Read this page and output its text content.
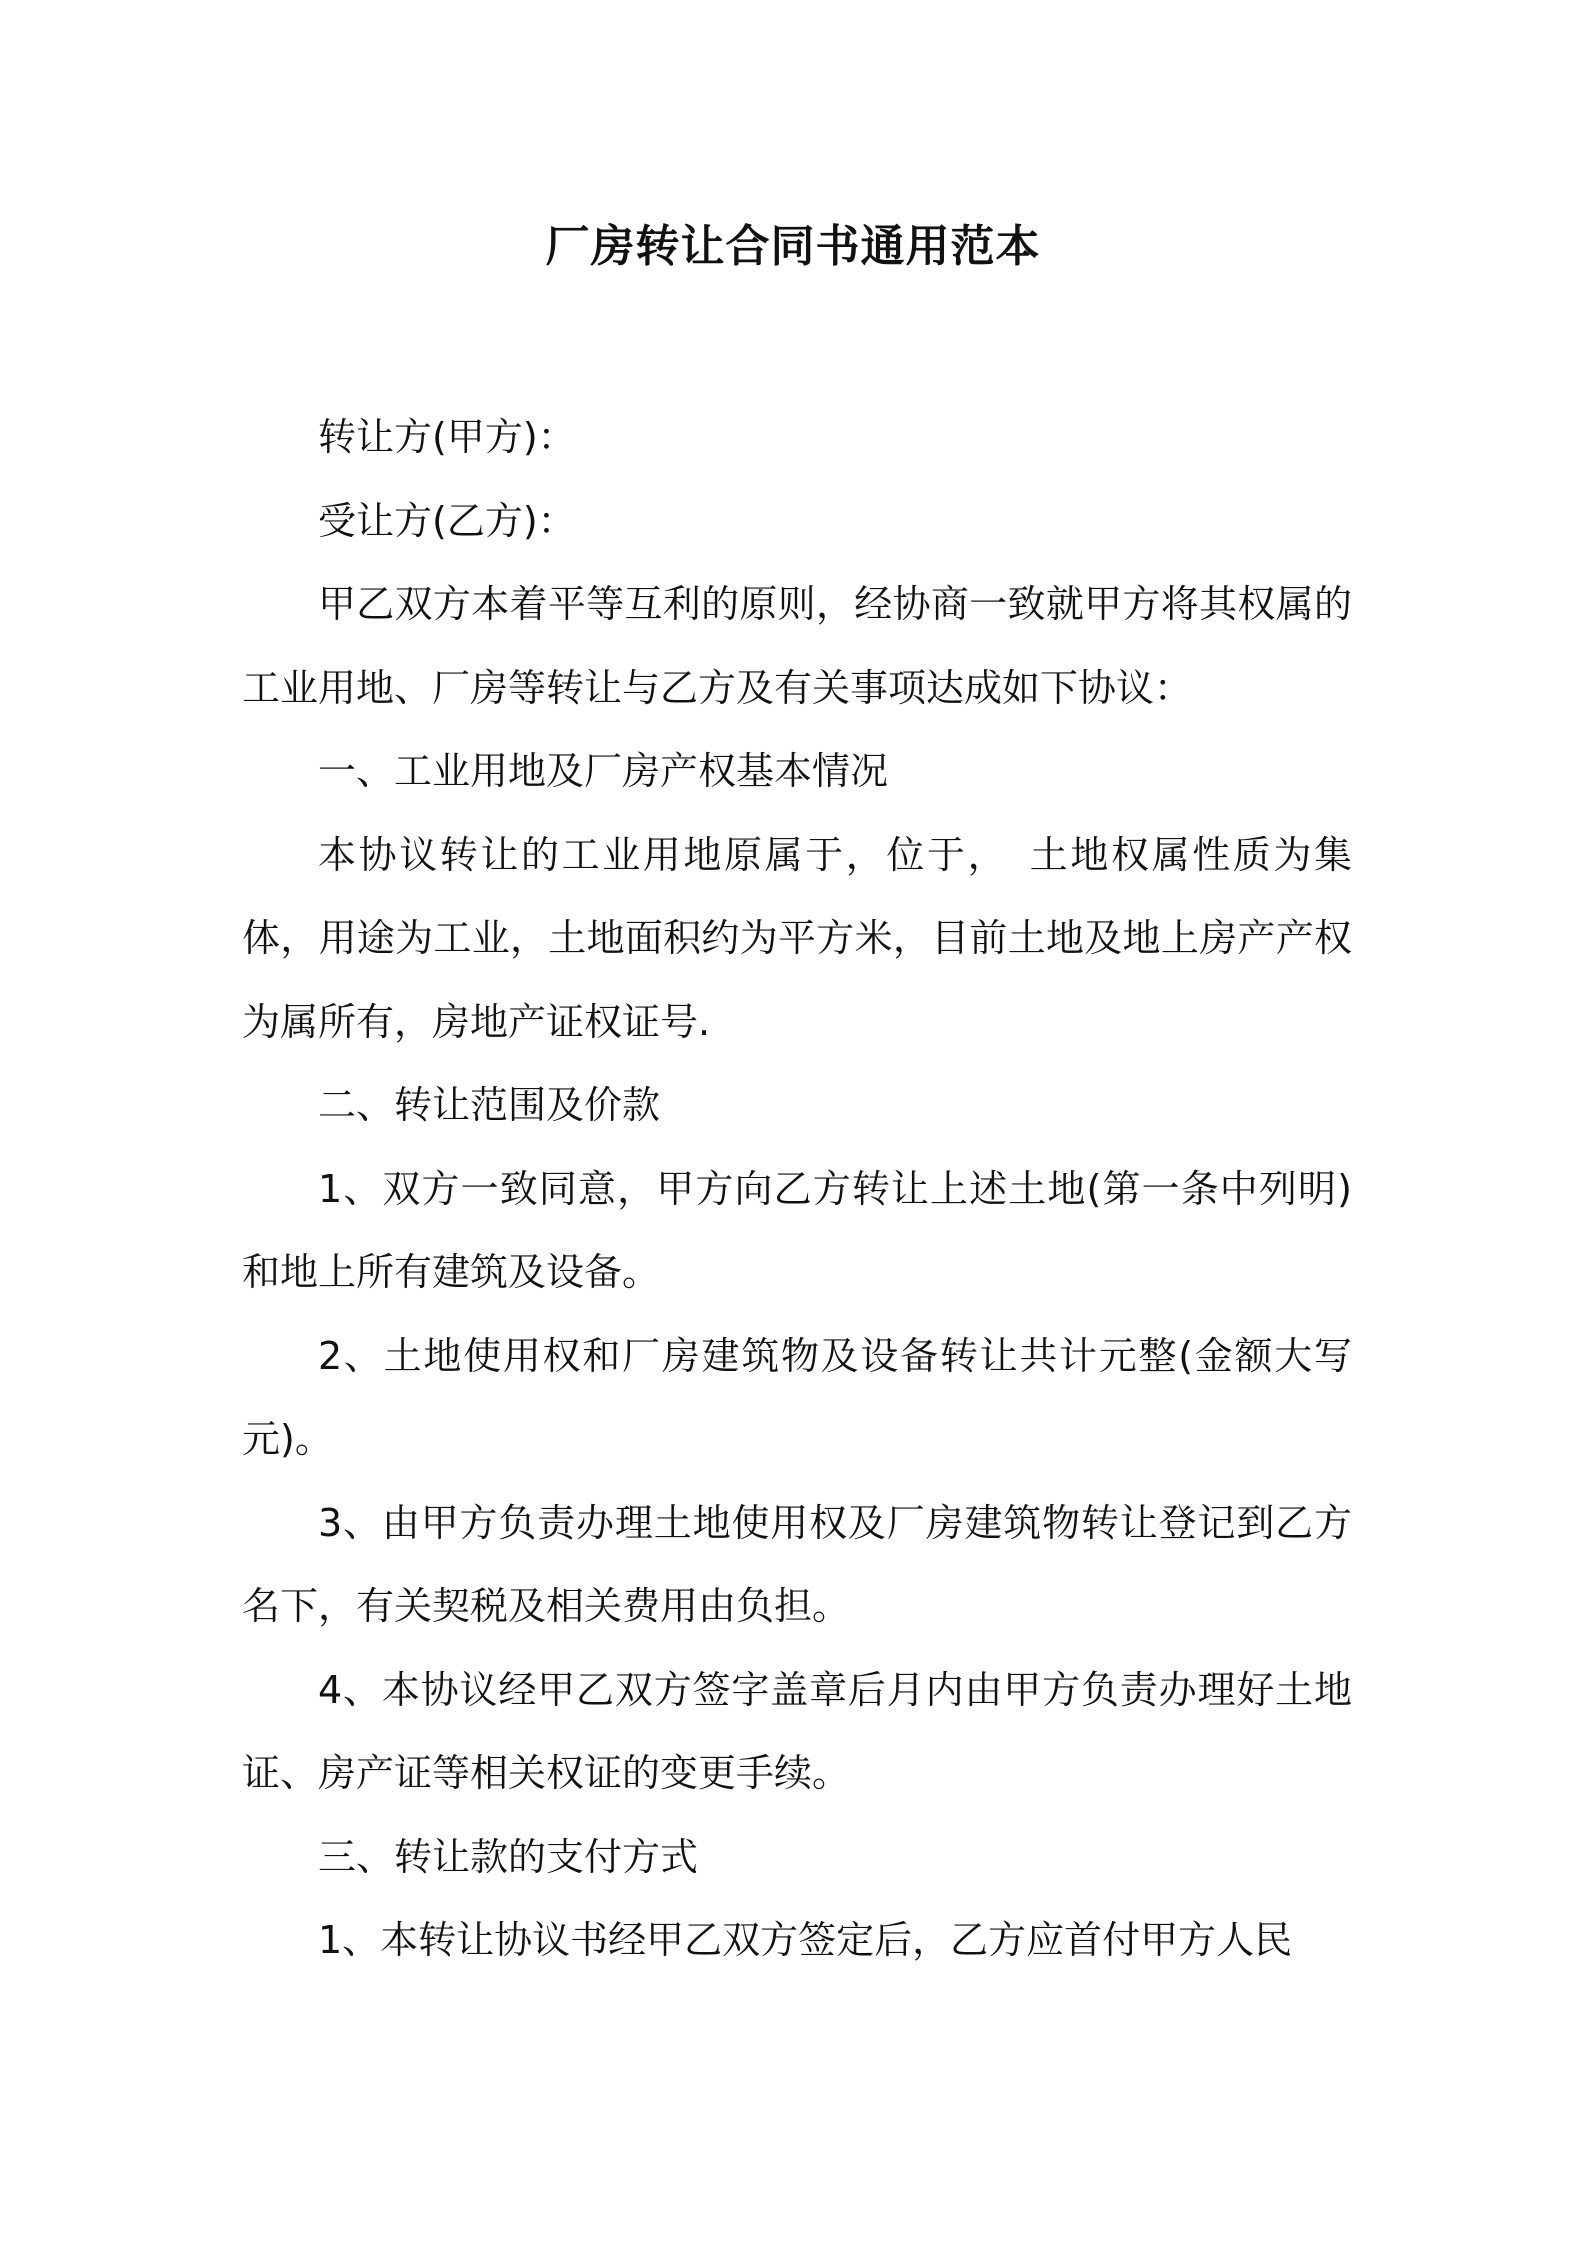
厂房转让合同书通用范本

转让方(甲方)：

受让方(乙方)：

甲乙双方本着平等互利的原则，经协商一致就甲方将其权属的工业用地、厂房等转让与乙方及有关事项达成如下协议：

一、工业用地及厂房产权基本情况

本协议转让的工业用地原属于，位于，　土地权属性质为集体，用途为工业，土地面积约为平方米，目前土地及地上房产产权为属所有，房地产证权证号.

二、转让范围及价款

1、双方一致同意，甲方向乙方转让上述土地(第一条中列明)和地上所有建筑及设备。

2、土地使用权和厂房建筑物及设备转让共计元整(金额大写元)。

3、由甲方负责办理土地使用权及厂房建筑物转让登记到乙方名下，有关契税及相关费用由负担。

4、本协议经甲乙双方签字盖章后月内由甲方负责办理好土地证、房产证等相关权证的变更手续。

三、转让款的支付方式

1、本转让协议书经甲乙双方签定后，乙方应首付甲方人民
